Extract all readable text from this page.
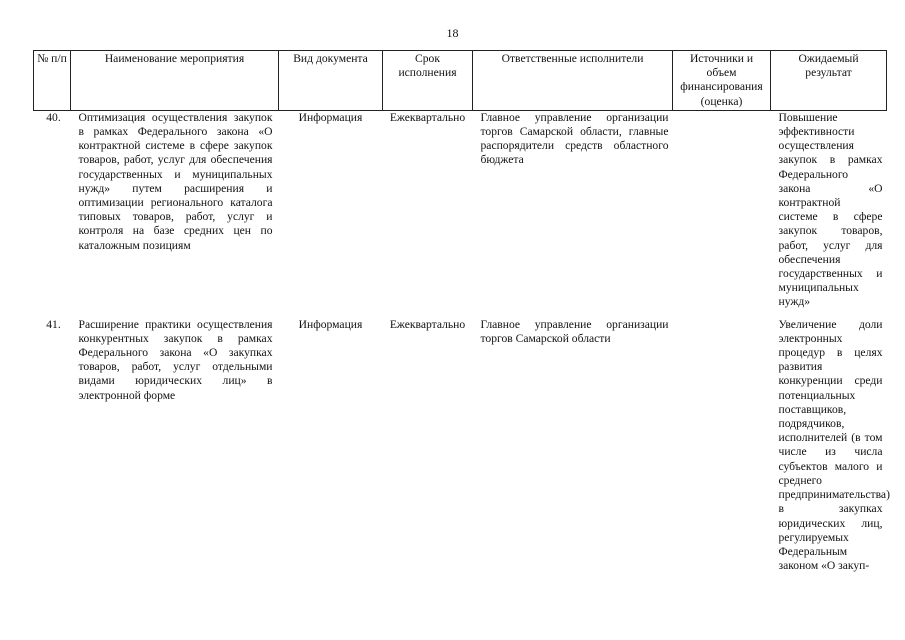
18
№ п/п	Наименование мероприятия	Вид документа	Срок исполнения	Ответственные исполнители	Источники и объем финансирования (оценка)	Ожидаемый результат
40.	Оптимизация осуществления закупок в рамках Федерального закона «О контрактной системе в сфере закупок товаров, работ, услуг для обеспечения государственных и муниципальных нужд» путем расширения и оптимизации регионального каталога типовых товаров, работ, услуг и контроля на базе средних цен по каталожным позициям	Информация	Ежеквартально	Главное управление организации торгов Самарской области, главные распорядители средств областного бюджета		Повышение эффективности осуществления закупок в рамках Федерального закона «О контрактной системе в сфере закупок товаров, работ, услуг для обеспечения государственных и муниципальных нужд»

41.	Расширение практики осуществления конкурентных закупок в рамках Федерального закона «О закупках товаров, работ, услуг отдельными видами юридических лиц» в электронной форме	Информация	Ежеквартально	Главное управление организации торгов Самарской области		Увеличение доли электронных процедур в целях развития конкуренции среди потенциальных поставщиков, подрядчиков, исполнителей (в том числе из числа субъектов малого и среднего предпринимательства) в закупках юридических лиц, регулируемых Федеральным законом «О закуп-
